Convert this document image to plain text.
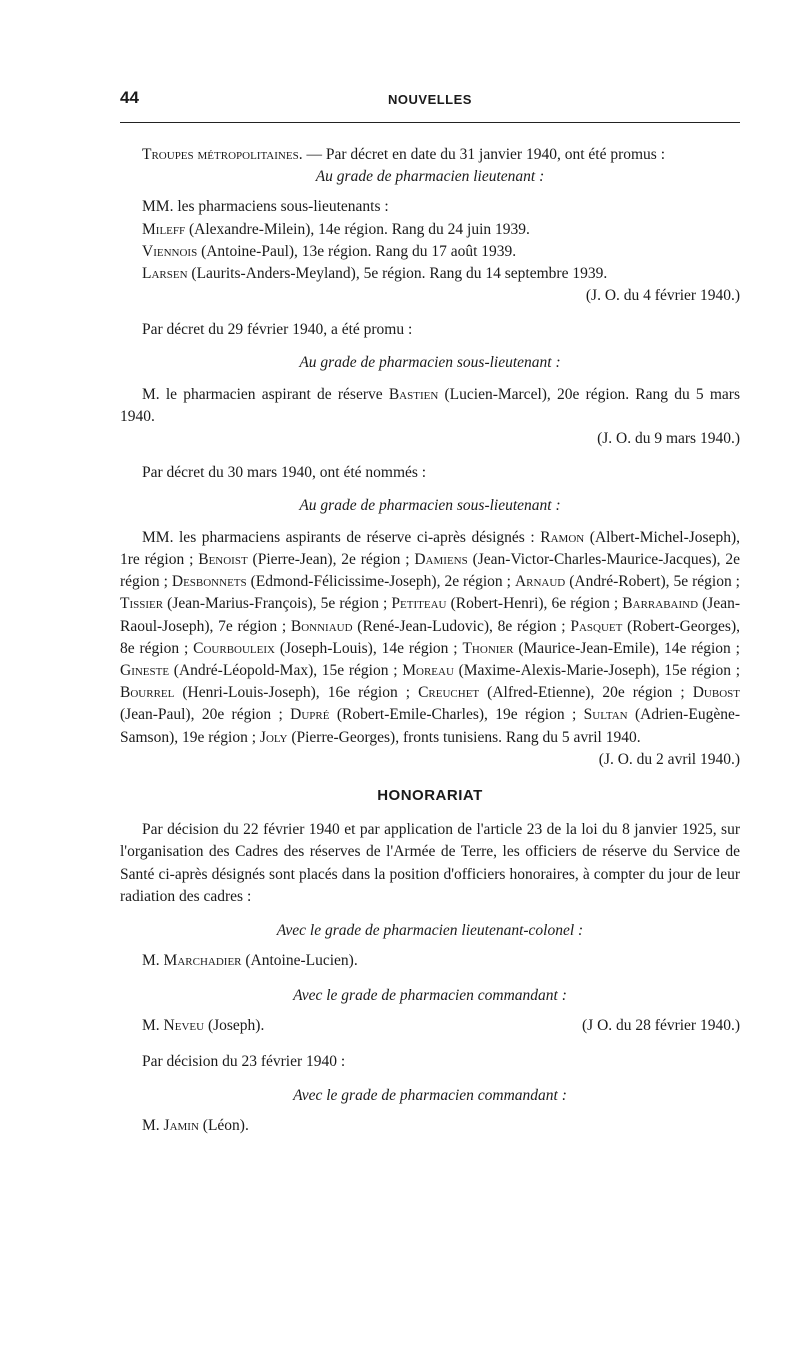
44	NOUVELLES

Troupes métropolitaines. — Par décret en date du 31 janvier 1940, ont été promus :

Au grade de pharmacien lieutenant :

MM. les pharmaciens sous-lieutenants :

Mileff (Alexandre-Milein), 14e région. Rang du 24 juin 1939.

Viennois (Antoine-Paul), 13e région. Rang du 17 août 1939.

Larsen (Laurits-Anders-Meyland), 5e région. Rang du 14 septembre 1939.

(J. O. du 4 février 1940.)

Par décret du 29 février 1940, a été promu :

Au grade de pharmacien sous-lieutenant :

M. le pharmacien aspirant de réserve Bastien (Lucien-Marcel), 20e région. Rang du 5 mars 1940.

(J. O. du 9 mars 1940.)

Par décret du 30 mars 1940, ont été nommés :

Au grade de pharmacien sous-lieutenant :

MM. les pharmaciens aspirants de réserve ci-après désignés : Ramon (Albert-Michel-Joseph), 1re région ; Benoist (Pierre-Jean), 2e région ; Damiens (Jean-Victor-Charles-Maurice-Jacques), 2e région ; Desbonnets (Edmond-Félicissime-Joseph), 2e région ; Arnaud (André-Robert), 5e région ; Tissier (Jean-Marius-François), 5e région ; Petiteau (Robert-Henri), 6e région ; Barrabaind (Jean-Raoul-Joseph), 7e région ; Bonniaud (René-Jean-Ludovic), 8e région ; Pasquet (Robert-Georges), 8e région ; Courbouleix (Joseph-Louis), 14e région ; Thonier (Maurice-Jean-Emile), 14e région ; Gineste (André-Léopold-Max), 15e région ; Moreau (Maxime-Alexis-Marie-Joseph), 15e région ; Bourrel (Henri-Louis-Joseph), 16e région ; Creuchet (Alfred-Etienne), 20e région ; Dubost (Jean-Paul), 20e région ; Dupré (Robert-Emile-Charles), 19e région ; Sultan (Adrien-Eugène-Samson), 19e région ; Joly (Pierre-Georges), fronts tunisiens. Rang du 5 avril 1940.

(J. O. du 2 avril 1940.)

HONORARIAT

Par décision du 22 février 1940 et par application de l'article 23 de la loi du 8 janvier 1925, sur l'organisation des Cadres des réserves de l'Armée de Terre, les officiers de réserve du Service de Santé ci-après désignés sont placés dans la position d'officiers honoraires, à compter du jour de leur radiation des cadres :

Avec le grade de pharmacien lieutenant-colonel :

M. Marchadier (Antoine-Lucien).

Avec le grade de pharmacien commandant :

M. Neveu (Joseph).	(J O. du 28 février 1940.)

Par décision du 23 février 1940 :

Avec le grade de pharmacien commandant :

M. Jamin (Léon).
